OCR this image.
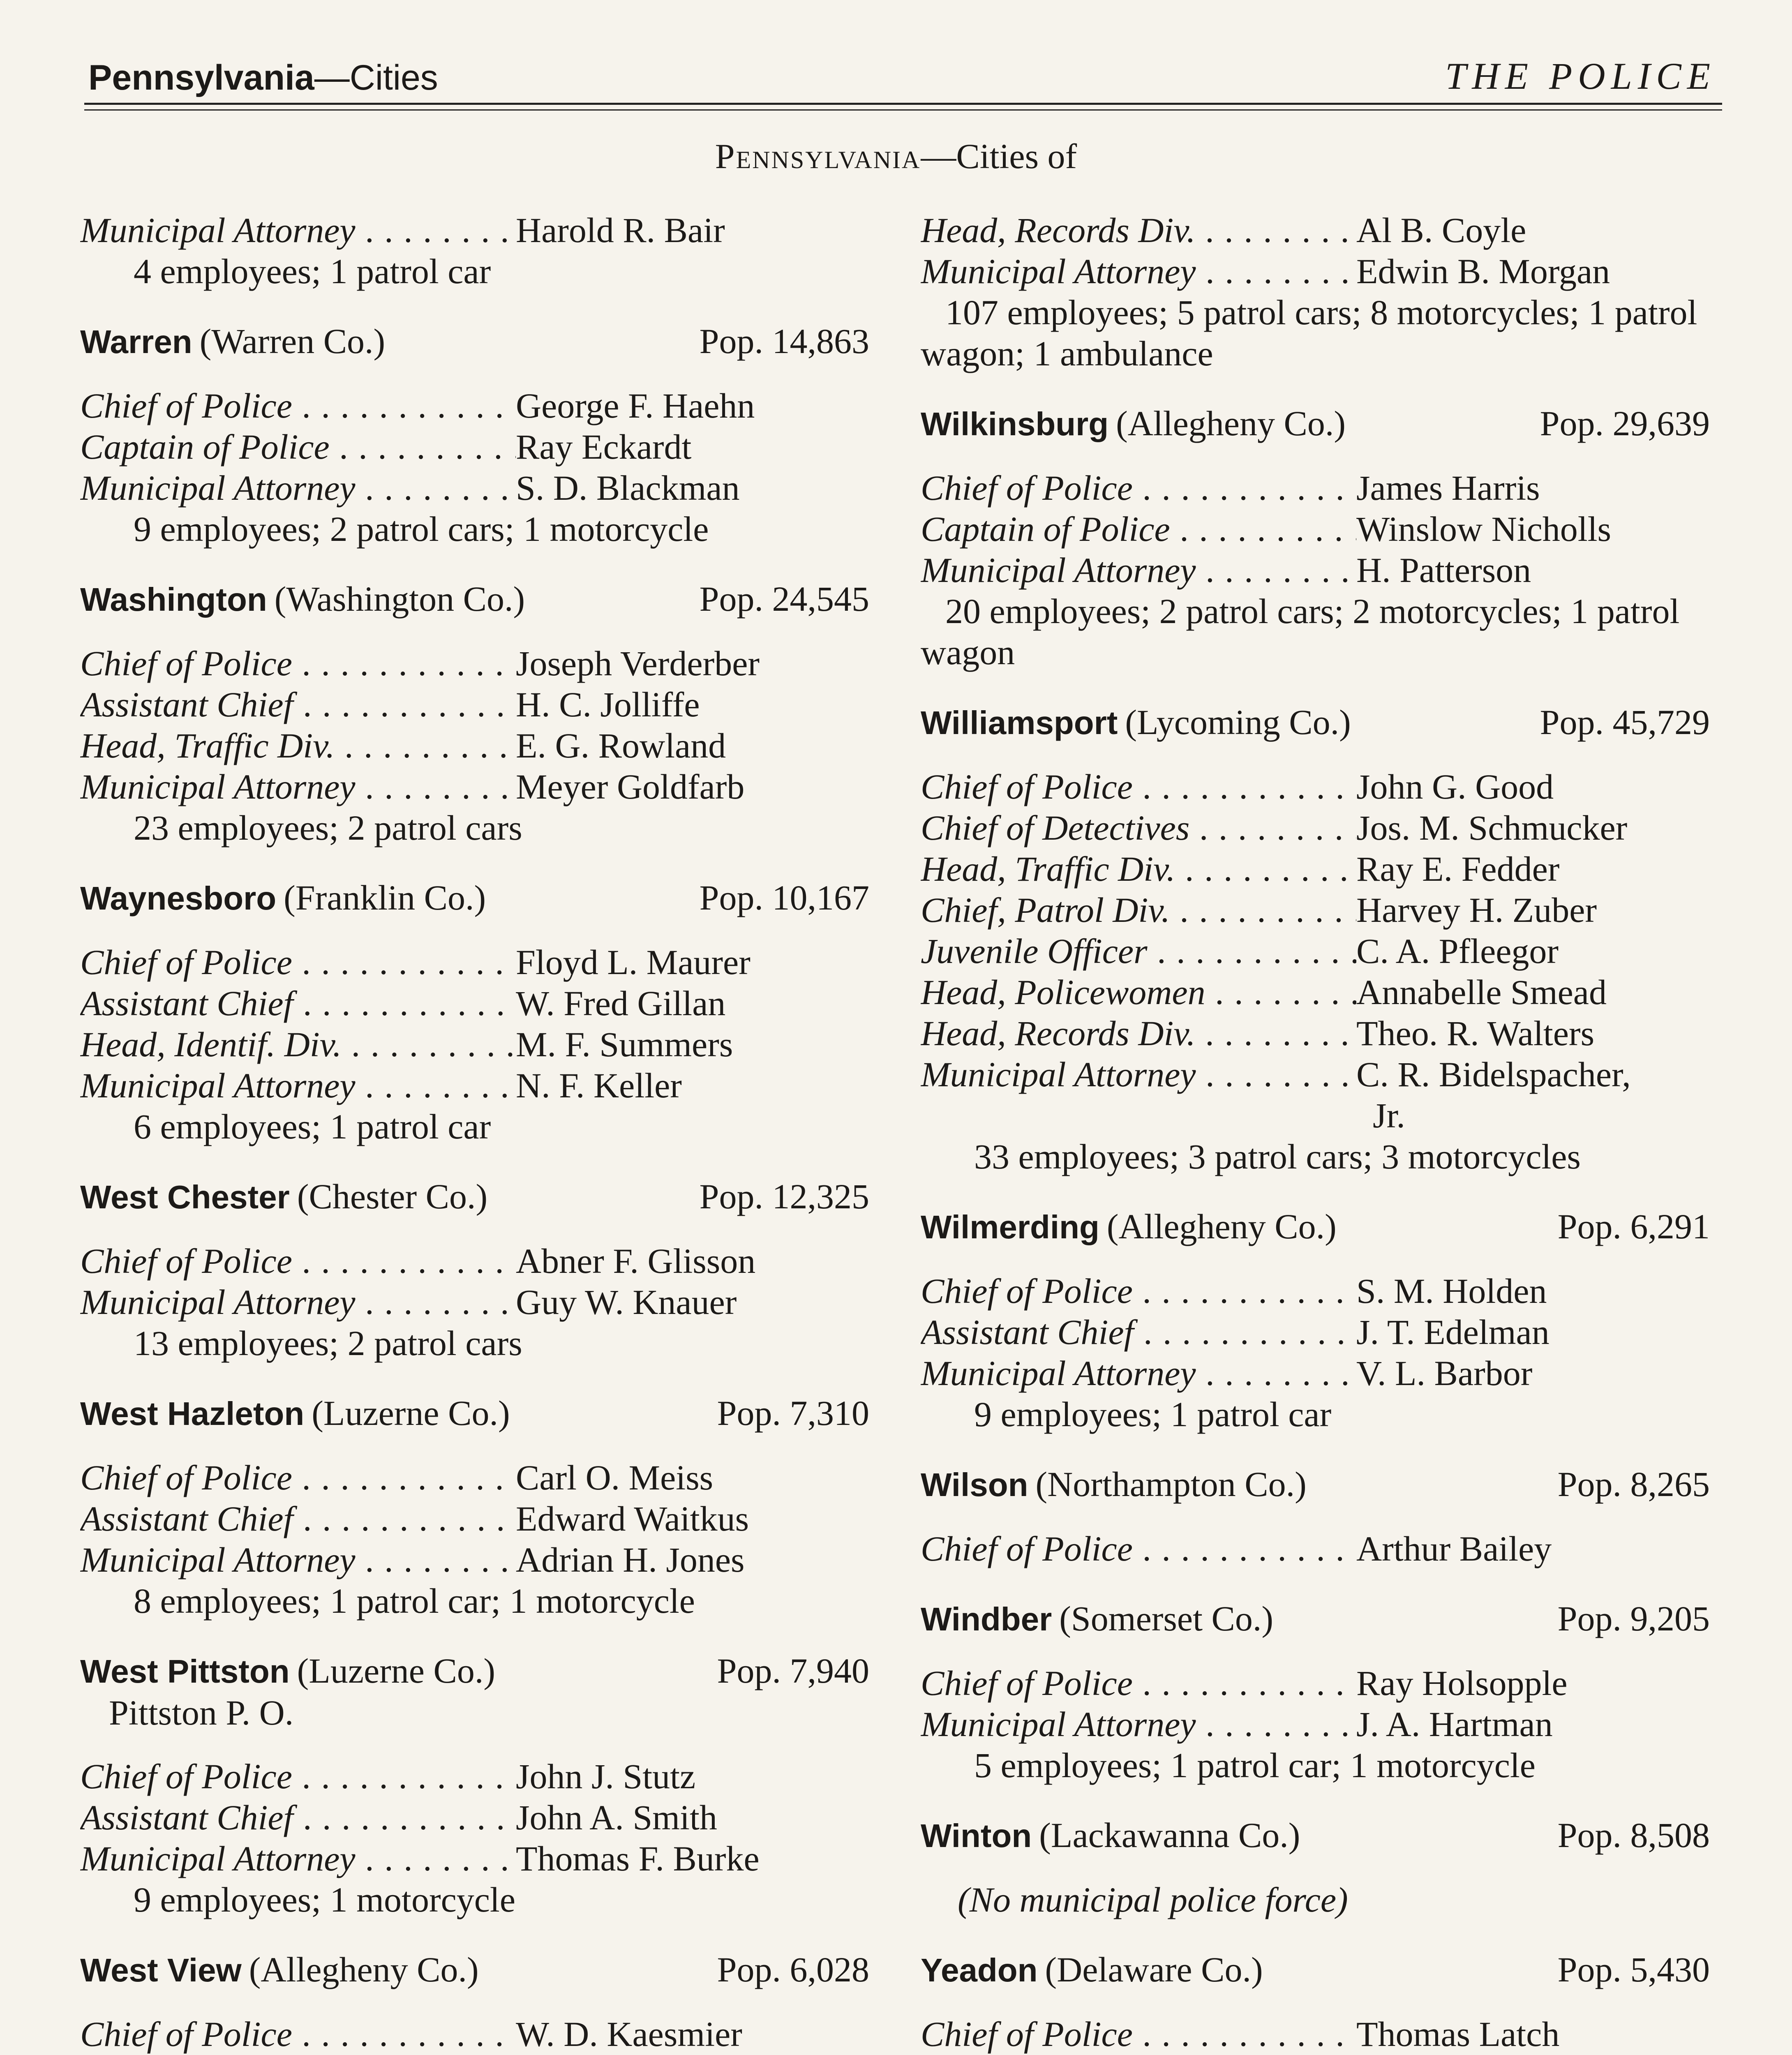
Pennsylvania—Cities	THE POLICE
Pennsylvania—Cities of
Municipal Attorney . . .	Harold R. Bair
4 employees; 1 patrol car
Warren (Warren Co.)	Pop. 14,863
Chief of Police . . .	George F. Haehn
Captain of Police . . .	Ray Eckardt
Municipal Attorney . . .	S. D. Blackman
9 employees; 2 patrol cars; 1 motorcycle
Washington (Washington Co.)	Pop. 24,545
Chief of Police . . .	Joseph Verderber
Assistant Chief . . .	H. C. Jolliffe
Head, Traffic Div. . . .	E. G. Rowland
Municipal Attorney . . .	Meyer Goldfarb
23 employees; 2 patrol cars
Waynesboro (Franklin Co.)	Pop. 10,167
Chief of Police . . .	Floyd L. Maurer
Assistant Chief . . .	W. Fred Gillan
Head, Identif. Div. . . .	M. F. Summers
Municipal Attorney . . .	N. F. Keller
6 employees; 1 patrol car
West Chester (Chester Co.)	Pop. 12,325
Chief of Police . . .	Abner F. Glisson
Municipal Attorney . . .	Guy W. Knauer
13 employees; 2 patrol cars
West Hazleton (Luzerne Co.)	Pop. 7,310
Chief of Police . . .	Carl O. Meiss
Assistant Chief . . .	Edward Waitkus
Municipal Attorney . . .	Adrian H. Jones
8 employees; 1 patrol car; 1 motorcycle
West Pittston (Luzerne Co.)	Pop. 7,940
Pittston P. O.
Chief of Police . . .	John J. Stutz
Assistant Chief . . .	John A. Smith
Municipal Attorney . . .	Thomas F. Burke
9 employees; 1 motorcycle
West View (Allegheny Co.)	Pop. 6,028
Chief of Police . . .	W. D. Kaesmier
Head, Records Div. . . .	Al B. Coyle
Municipal Attorney . . .	Edwin B. Morgan
107 employees; 5 patrol cars; 8 motorcycles; 1 patrol wagon; 1 ambulance
Wilkinsburg (Allegheny Co.)	Pop. 29,639
Chief of Police . . .	James Harris
Captain of Police . . .	Winslow Nicholls
Municipal Attorney . . .	H. Patterson
20 employees; 2 patrol cars; 2 motorcycles; 1 patrol wagon
Williamsport (Lycoming Co.)	Pop. 45,729
Chief of Police . . .	John G. Good
Chief of Detectives . . .	Jos. M. Schmucker
Head, Traffic Div. . . .	Ray E. Fedder
Chief, Patrol Div. . . .	Harvey H. Zuber
Juvenile Officer . . .	C. A. Pfleegor
Head, Policewomen . . .	Annabelle Smead
Head, Records Div. . . .	Theo. R. Walters
Municipal Attorney . . .	C. R. Bidelspacher,
Jr.
33 employees; 3 patrol cars; 3 motorcycles
Wilmerding (Allegheny Co.)	Pop. 6,291
Chief of Police . . .	S. M. Holden
Assistant Chief . . .	J. T. Edelman
Municipal Attorney . . .	V. L. Barbor
9 employees; 1 patrol car
Wilson (Northampton Co.)	Pop. 8,265
Chief of Police . . .	Arthur Bailey
Windber (Somerset Co.)	Pop. 9,205
Chief of Police . . .	Ray Holsopple
Municipal Attorney . . .	J. A. Hartman
5 employees; 1 patrol car; 1 motorcycle
Winton (Lackawanna Co.)	Pop. 8,508
(No municipal police force)
Yeadon (Delaware Co.)	Pop. 5,430
Chief of Police . . .	Thomas Latch
